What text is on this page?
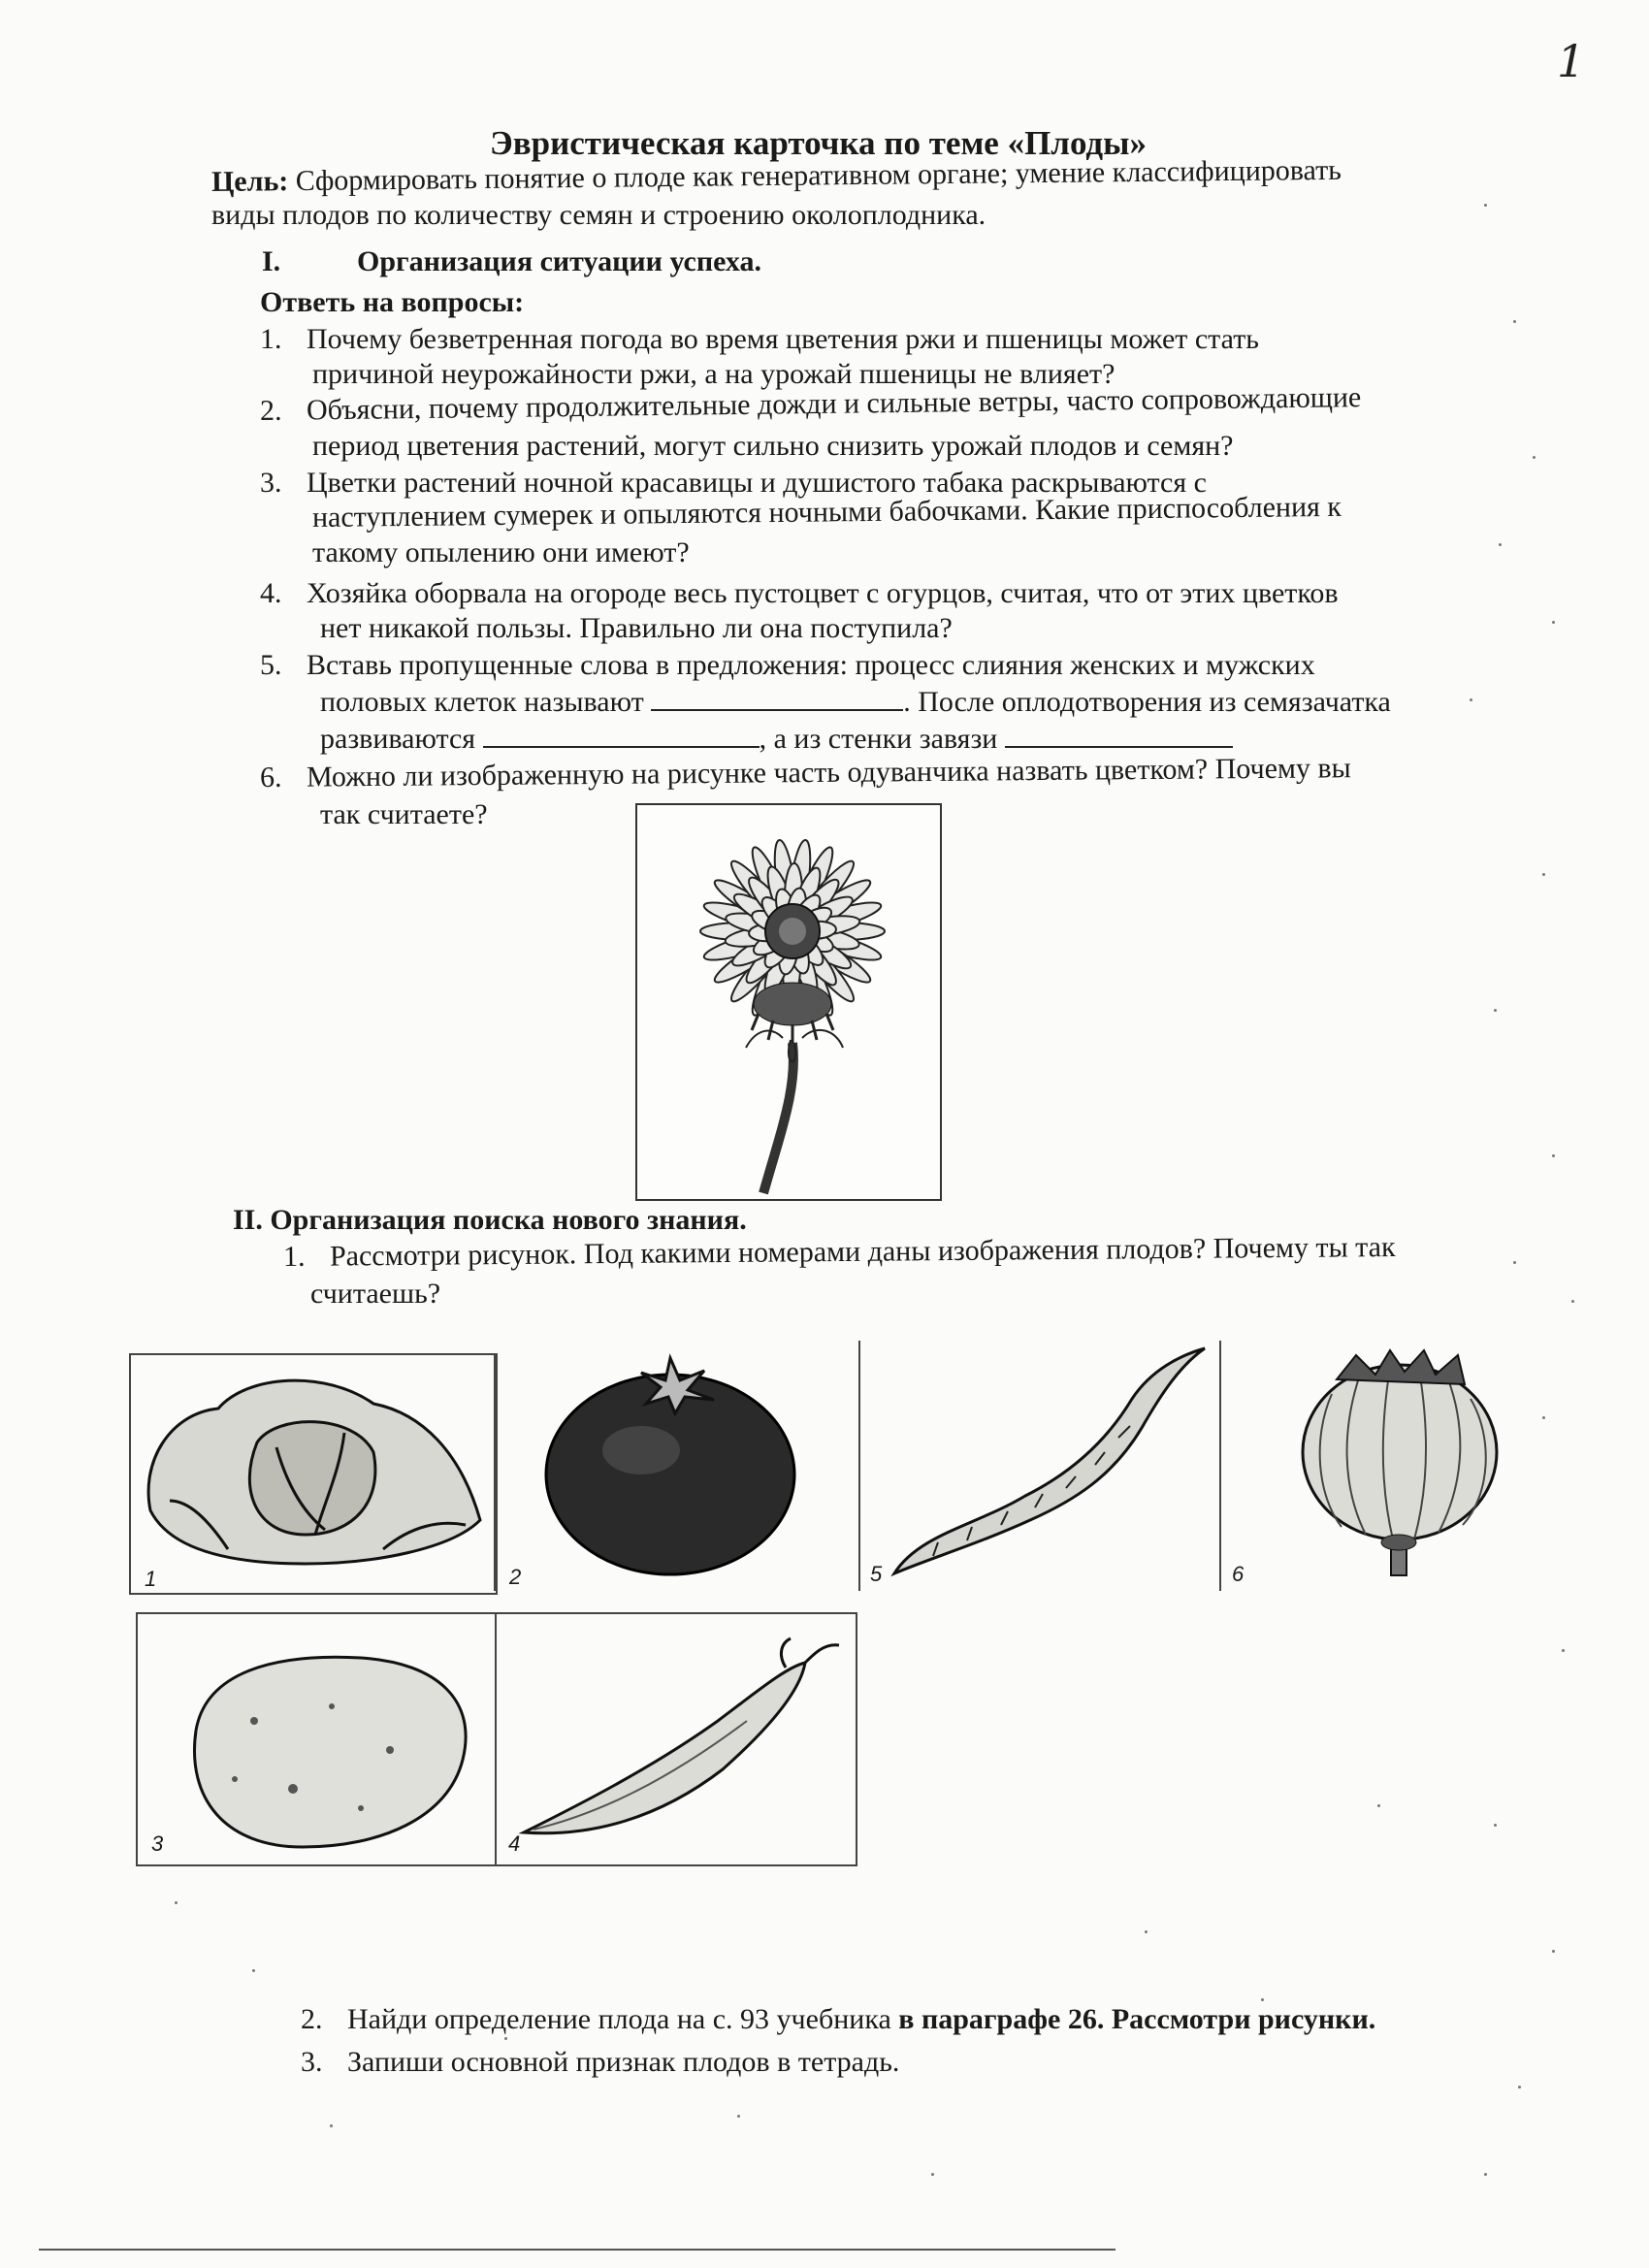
1
Эвристическая карточка по теме «Плоды»
Цель: Сформировать понятие о плоде как генеративном органе; умение классифицировать
виды плодов по количеству семян и строению околоплодника.
I.	Организация ситуации успеха.
Ответь на вопросы:
1. Почему безветренная погода во время цветения ржи и пшеницы может стать
причиной неурожайности ржи, а на урожай пшеницы не влияет?
2. Объясни, почему продолжительные дожди и сильные ветры, часто сопровождающие
период цветения растений, могут сильно снизить урожай плодов и семян?
3. Цветки растений ночной красавицы и душистого табака раскрываются с
наступлением сумерек и опыляются ночными бабочками. Какие приспособления к
такому опылению они имеют?
4. Хозяйка оборвала на огороде весь пустоцвет с огурцов, считая, что от этих цветков
нет никакой пользы. Правильно ли она поступила?
5. Вставь пропущенные слова в предложения: процесс слияния женских и мужских
половых клеток называют	. После оплодотворения из семязачатка
развиваются	, а из стенки завязи
6. Можно ли изображенную на рисунке часть одуванчика назвать цветком? Почему вы
так считаете?
II. Организация поиска нового знания.
1. Рассмотри рисунок. Под какими номерами даны изображения плодов? Почему ты так
считаешь?
1	2	5	6
3	4
2. Найди определение плода на с. 93 учебника в параграфе 26. Рассмотри рисунки.
3. Запиши основной признак плодов в тетрадь.
